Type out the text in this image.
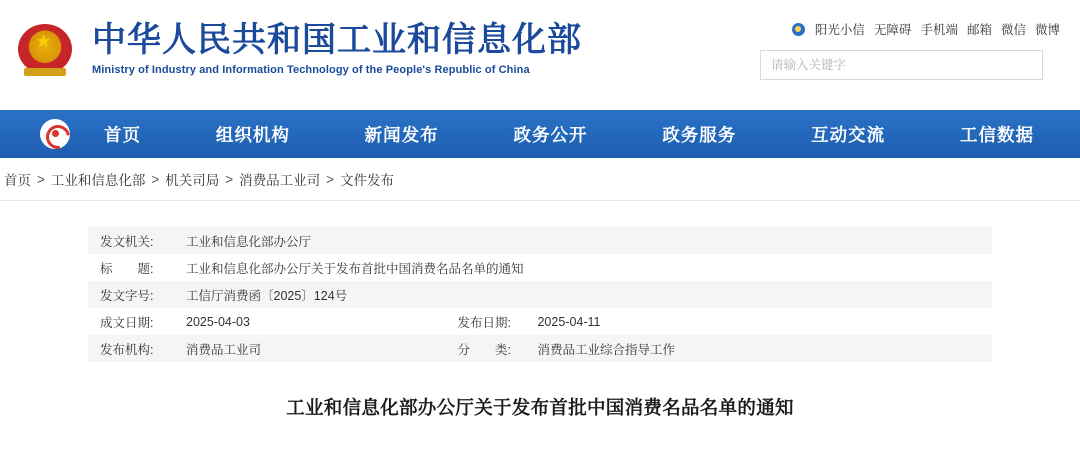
★ 中华人民共和国工业和信息化部
Ministry of Industry and Information Technology of the People's Republic of China
阳光小信 无障碍 手机端 邮箱 微信 微博
请输入关键字
首页	组织机构	新闻发布	政务公开	政务服务	互动交流	工信数据
首页 > 工业和信息化部 > 机关司局 > 消费品工业司 > 文件发布
发文机关:	工业和信息化部办公厅		
标　　题:	工业和信息化部办公厅关于发布首批中国消费名品名单的通知		
发文字号:	工信厅消费函〔2025〕124号		
成文日期:	2025-04-03	发布日期:	2025-04-11
发布机构:	消费品工业司	分　　类:	消费品工业综合指导工作
工业和信息化部办公厅关于发布首批中国消费名品名单的通知
